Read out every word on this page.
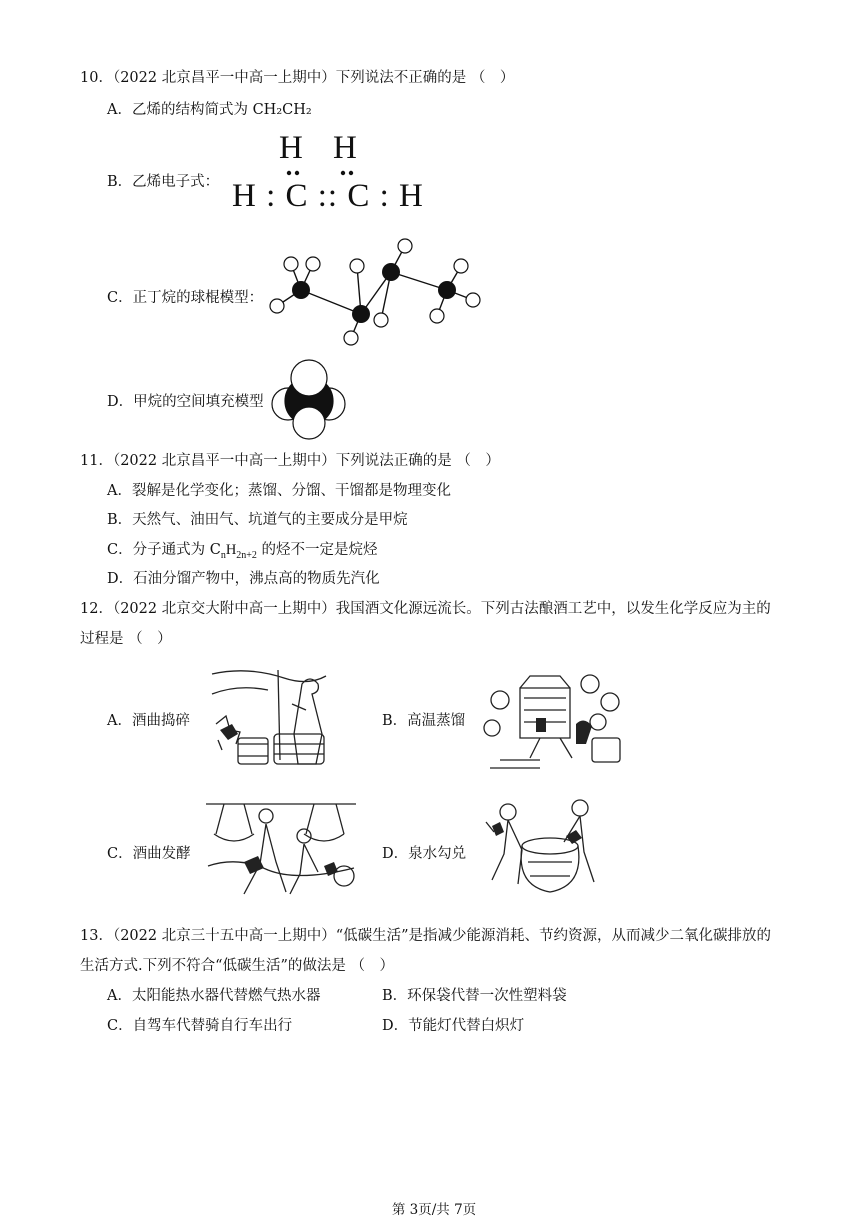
10．（2022 北京昌平一中高一上期中）下列说法不正确的是 （　）
A．乙烯的结构简式为 CH₂CH₂
B．乙烯电子式：
H H
H : C :: C : H
C．正丁烷的球棍模型：
D．甲烷的空间填充模型
11．（2022 北京昌平一中高一上期中）下列说法正确的是 （　）
A．裂解是化学变化；蒸馏、分馏、干馏都是物理变化
B．天然气、油田气、坑道气的主要成分是甲烷
C．分子通式为 $C_nH_{2n+2}$ 的烃不一定是烷烃
D．石油分馏产物中，沸点高的物质先汽化
12．（2022 北京交大附中高一上期中）我国酒文化源远流长。下列古法酿酒工艺中，以发生化学反应为主的
过程是 （　）
A．酒曲捣碎	B．高温蒸馏
C．酒曲发酵	D．泉水勾兑
13．（2022 北京三十五中高一上期中）“低碳生活”是指减少能源消耗、节约资源，从而减少二氧化碳排放的
生活方式.下列不符合“低碳生活”的做法是 （　）
A．太阳能热水器代替燃气热水器	B．环保袋代替一次性塑料袋
C．自驾车代替骑自行车出行	D．节能灯代替白炽灯
第 3页/共 7页
